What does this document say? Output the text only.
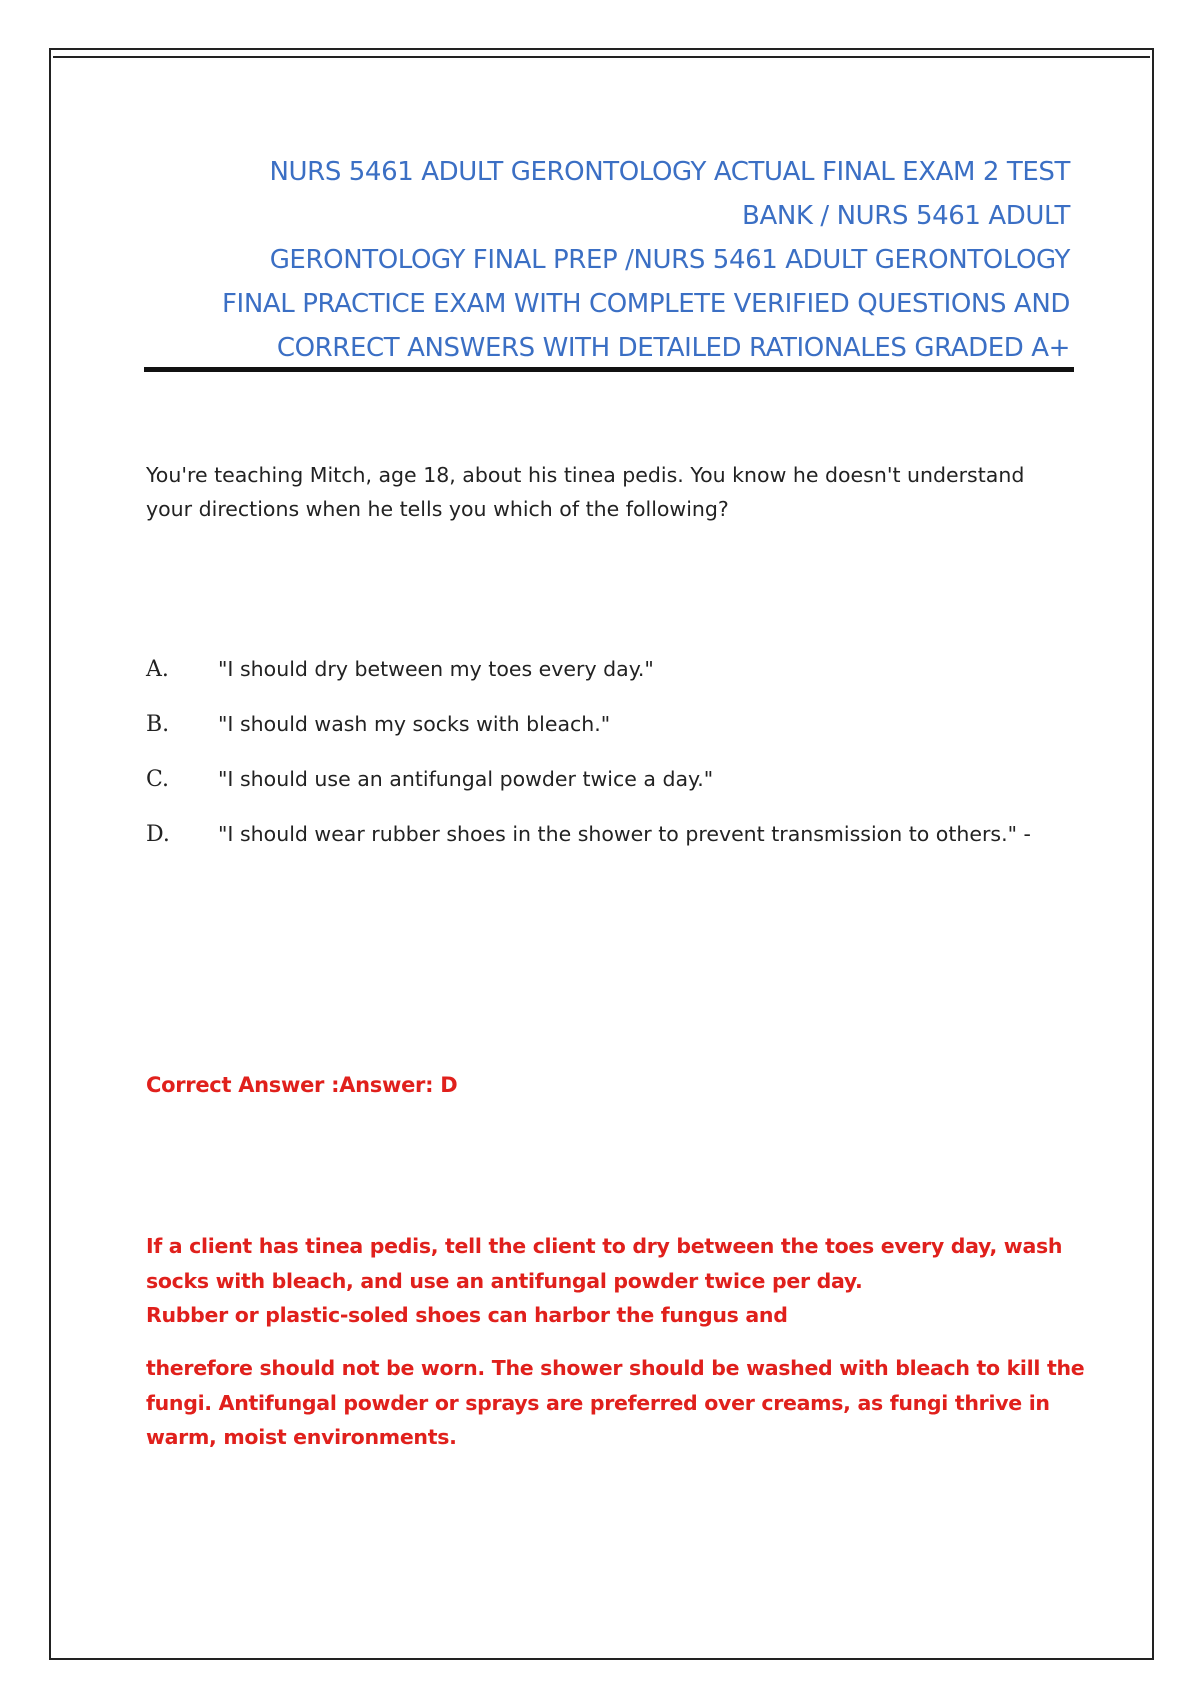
NURS 5461 ADULT GERONTOLOGY ACTUAL FINAL EXAM 2 TEST
BANK / NURS 5461 ADULT
GERONTOLOGY FINAL PREP /NURS 5461 ADULT GERONTOLOGY
FINAL PRACTICE EXAM WITH COMPLETE VERIFIED QUESTIONS AND
CORRECT ANSWERS WITH DETAILED RATIONALES GRADED A+
You're teaching Mitch, age 18, about his tinea pedis. You know he doesn't understand your directions when he tells you which of the following?
A. "I should dry between my toes every day."
B. "I should wash my socks with bleach."
C. "I should use an antifungal powder twice a day."
D. "I should wear rubber shoes in the shower to prevent transmission to others." -
Correct Answer :Answer: D
If a client has tinea pedis, tell the client to dry between the toes every day, wash
socks with bleach, and use an antifungal powder twice per day.
Rubber or plastic-soled shoes can harbor the fungus and
therefore should not be worn. The shower should be washed with bleach to kill the
fungi. Antifungal powder or sprays are preferred over creams, as fungi thrive in
warm, moist environments.
